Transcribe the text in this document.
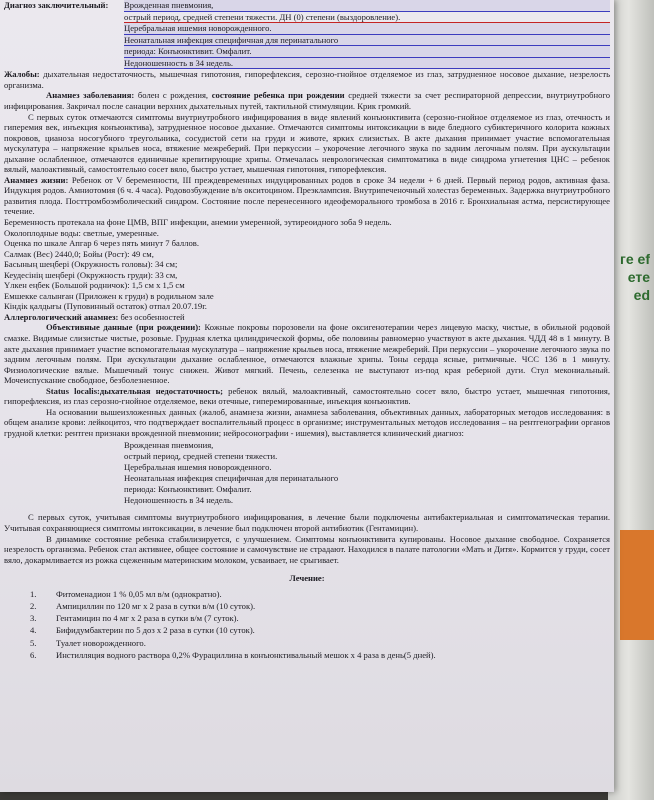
ге еf ете ed
Диагноз заключительный:	Врожденная пневмония,
острый период, средней степени тяжести. ДН (0) степени (выздоровление).
Церебральная ишемия новорожденного.
Неонатальная инфекция специфичная для перинатального
периода: Конъюнктивит. Омфалит.
Недоношенность в 34 недель.
Жалобы: дыхательная недостаточность, мышечная гипотония, гипорефлексия, серозно-гнойное отделяемое из глаз, затрудненное носовое дыхание, незрелость организма.
Анамнез заболевания: болен с рождения, состояние ребенка при рождении средней тяжести за счет респираторной депрессии, внутриутробного инфицирования. Закричал после санации верхних дыхательных путей, тактильной стимуляции. Крик громкий.
С первых суток отмечаются симптомы внутриутробного инфицирования в виде явлений конъюнктивита (серозно-гнойное отделяемое из глаз, отечность и гиперемия век, инъекция конъюнктива), затрудненное носовое дыхание. Отмечаются симптомы интоксикации в виде бледного субиктеричного колорита кожных покровов, цианоза носогубного треугольника, сосудистой сети на груди и животе, ярких слизистых. В акте дыхания принимает участие вспомогательная мускулатура – напряжение крыльев носа, втяжение межреберий. При перкуссии – укорочение легочного звука по задним легочным полям. При аускультации дыхание ослабленное, отмечаются единичные крепитирующие хрипы. Отмечалась неврологическая симптоматика в виде синдрома угнетения ЦНС – ребенок вялый, малоактивный, самостоятельно сосет вяло, быстро устает, мышечная гипотония, гипорефлексия.
Анамнез жизни: Ребенок от V беременности, III преждевременных индуцированных родов в сроке 34 недели + 6 дней. Первый период родов, активная фаза. Индукция родов. Амниотомия (6 ч. 4 часа). Родовозбуждение в/в окситоцином. Преэклампсия. Внутрипеченочный холестаз беременных. Задержка внутриутробного развития плода. Посттромбоэмболический синдром. Состояние после перенесенного идеофеморального тромбоза в 2016 г. Бронхиальная астма, персистирующее течение.
Беременность протекала на фоне ЦМВ, ВПГ инфекции, анемии умеренной, эутиреоидного зоба 9 недель.
Околоплодные воды: светлые, умеренные.
Оценка по шкале Апгар 6 через пять минут 7 баллов.
Салмак (Вес) 2440,0; Бойы (Рост): 49 см,
Басының шеңбері (Окружность головы): 34 см;
Кеудесінің шеңбері (Окружность груди): 33 см,
Үлкен еңбек (Большой родничок): 1,5 см х 1,5 см
Емшекке салынған (Приложен к груди) в родильном зале
Кіндік қалдығы (Пуповинный остаток) отпал 20.07.19г.
Аллергологический анамнез: без особенностей
Объективные данные (при рождении): Кожные покровы порозовели на фоне оксигенотерапии через лицевую маску, чистые, в обильной родовой смазке. Видимые слизистые чистые, розовые. Грудная клетка цилиндрической формы, обе половины равномерно участвуют в акте дыхания. ЧДД 48 в 1 минуту. В акте дыхания принимает участие вспомогательная мускулатура – напряжение крыльев носа, втяжение межреберий. При перкуссии – укорочение легочного звука по задним легочным полям. При аускультации дыхание ослабленное, отмечаются влажные хрипы. Тоны сердца ясные, ритмичные. ЧСС 136 в 1 минуту. Физиологические вялые. Мышечный тонус снижен. Живот мягкий. Печень, селезенка не выступают из-под края реберной дуги. Стул мекониальный. Мочеиспускание свободное, безболезненное.
Status localis:дыхательная недостаточность; ребенок вялый, малоактивный, самостоятельно сосет вяло, быстро устает, мышечная гипотония, гипорефлексия, из глаз серозно-гнойное отделяемое, веки отечные, гиперемированные, инъекция конъюнктив.
На основании вышеизложенных данных (жалоб, анамнеза жизни, анамнеза заболевания, объективных данных, лабораторных методов исследования: в общем анализе крови: лейкоцитоз, что подтверждает воспалительный процесс в организме; инструментальных методов исследования – на рентгенографии органов грудной клетки: рентген признаки врожденной пневмонии; нейросонографии - ишемия), выставляется клинический диагноз:
Врожденная пневмония,
острый период, средней степени тяжести.
Церебральная ишемия новорожденного.
Неонатальная инфекция специфичная для перинатального
периода: Конъюнктивит. Омфалит.
Недоношенность в 34 недель.
С первых суток, учитывая симптомы внутриутробного инфицирования, в лечение были подключены антибактериальная и симптоматическая терапии. Учитывая сохраняющиеся симптомы интоксикации, в лечение был подключен второй антибиотик (Гентамицин).
В динамике состояние ребенка стабилизируется, с улучшением. Симптомы конъюнктивита купированы. Носовое дыхание свободное. Сохраняется незрелость организма. Ребенок стал активнее, общее состояние и самочувствие не страдают. Находился в палате патологии «Мать и Дитя». Кормится у груди, сосет вяло, докармливается из рожка сцеженным материнским молоком, усваивает, не срыгивает.
Лечение:
1. Фитоменадион 1 % 0,05 мл в/м (однократно).
2. Ампициллин по 120 мг х 2 раза в сутки в/м (10 суток).
3. Гентамицин по 4 мг х 2 раза в сутки в/м (7 суток).
4. Бифидумбактерин по 5 доз х 2 раза в сутки (10 суток).
5. Туалет новорожденного.
6. Инстилляция водного раствора 0,2% Фурациллина в конъюнктивальный мешок х 4 раза в день(5 дней).
